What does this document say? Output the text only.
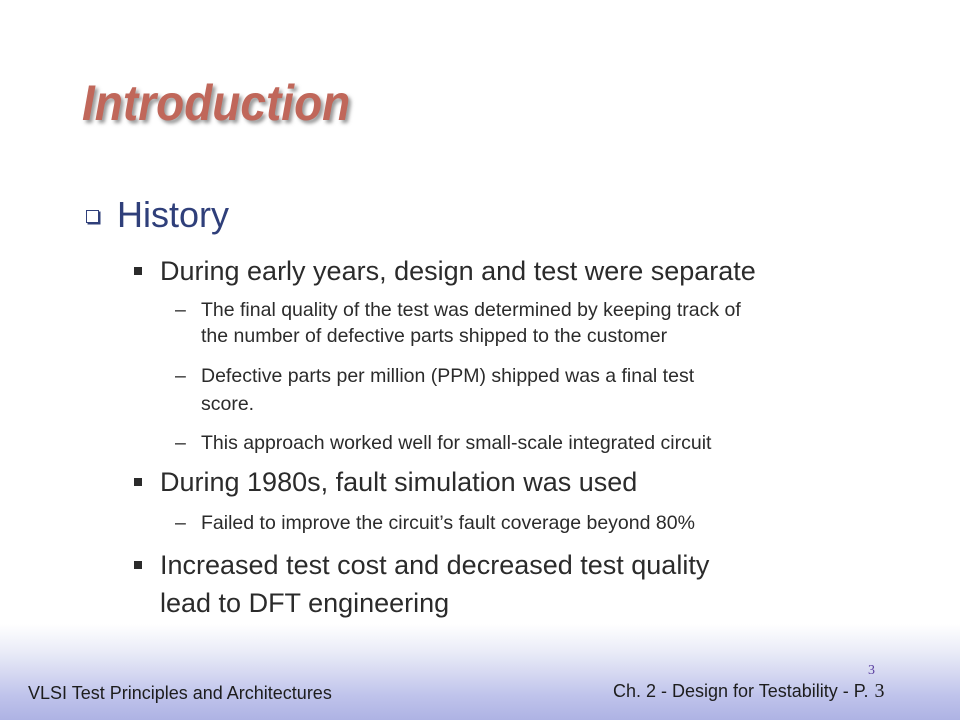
Introduction
History
During early years, design and test were separate
– The final quality of the test was determined by keeping track of
the number of defective parts shipped to the customer
– Defective parts per million (PPM) shipped was a final test
score.
– This approach worked well for small-scale integrated circuit
During 1980s, fault simulation was used
– Failed to improve the circuit’s fault coverage beyond 80%
Increased test cost and decreased test quality
lead to DFT engineering
3
VLSI Test Principles and Architectures	Ch. 2 - Design for Testability - P. 3
